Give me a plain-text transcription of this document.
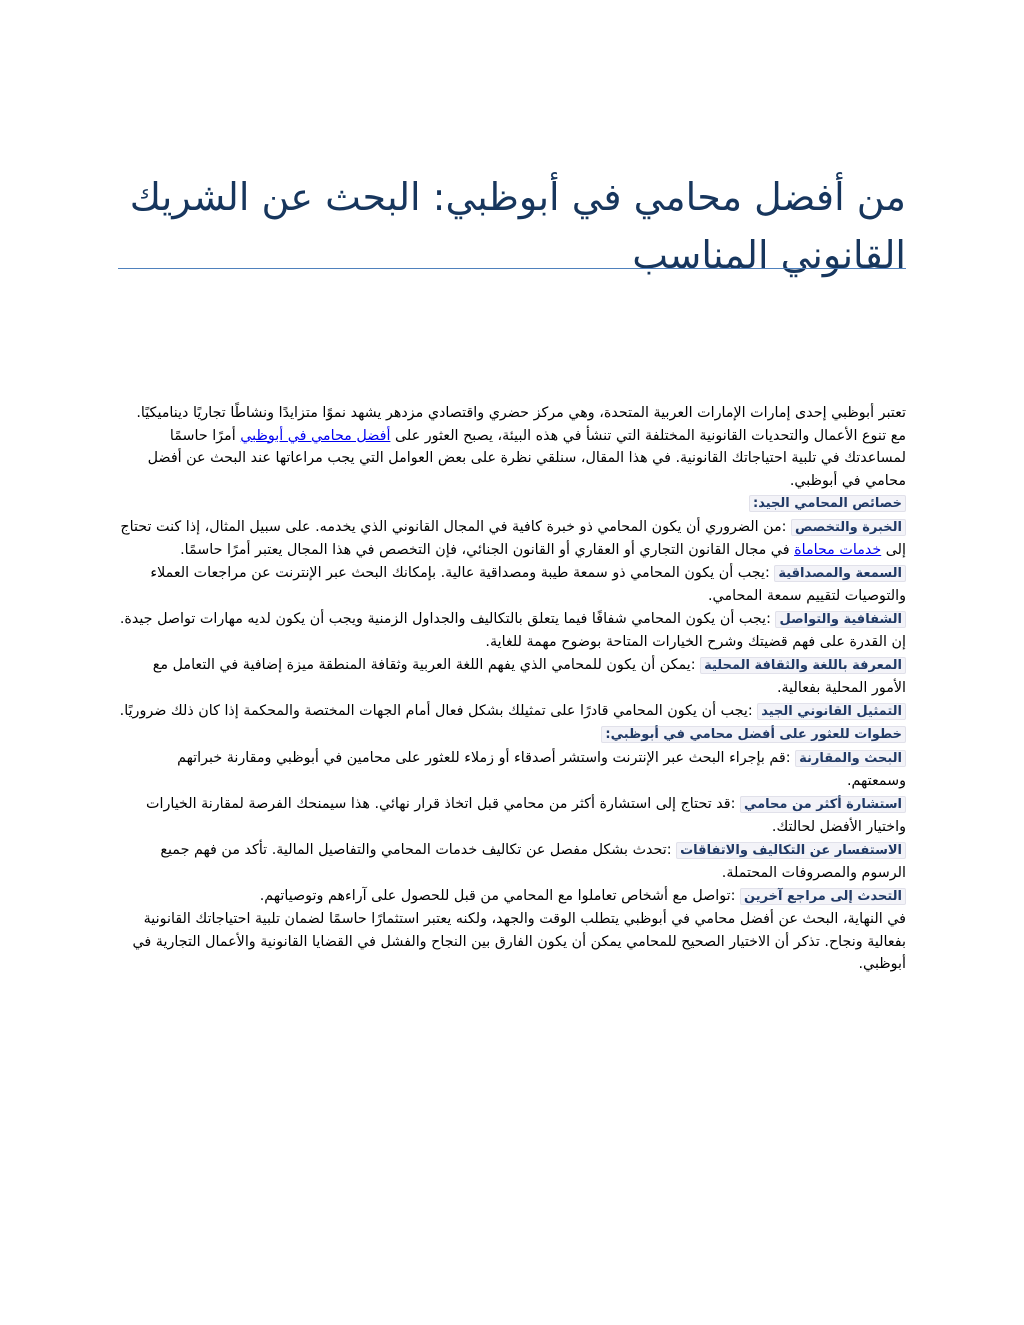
من أفضل محامي في أبوظبي: البحث عن الشريك
القانوني المناسب

تعتبر أبوظبي إحدى إمارات الإمارات العربية المتحدة، وهي مركز حضري واقتصادي مزدهر يشهد نموًا متزايدًا ونشاطًا تجاريًا ديناميكيًا. مع تنوع الأعمال والتحديات القانونية المختلفة التي تنشأ في هذه البيئة، يصبح العثور على أفضل محامي في أبوظبي أمرًا حاسمًا لمساعدتك في تلبية احتياجاتك القانونية. في هذا المقال، سنلقي نظرة على بعض العوامل التي يجب مراعاتها عند البحث عن أفضل محامي في أبوظبي.

خصائص المحامي الجيد:

الخبرة والتخصص :من الضروري أن يكون المحامي ذو خبرة كافية في المجال القانوني الذي يخدمه. على سبيل المثال، إذا كنت تحتاج إلى خدمات محاماة في مجال القانون التجاري أو العقاري أو القانون الجنائي، فإن التخصص في هذا المجال يعتبر أمرًا حاسمًا.

السمعة والمصداقية :يجب أن يكون المحامي ذو سمعة طيبة ومصداقية عالية. بإمكانك البحث عبر الإنترنت عن مراجعات العملاء والتوصيات لتقييم سمعة المحامي.

الشفافية والتواصل :يجب أن يكون المحامي شفافًا فيما يتعلق بالتكاليف والجداول الزمنية ويجب أن يكون لديه مهارات تواصل جيدة. إن القدرة على فهم قضيتك وشرح الخيارات المتاحة بوضوح مهمة للغاية.

المعرفة باللغة والثقافة المحلية :يمكن أن يكون للمحامي الذي يفهم اللغة العربية وثقافة المنطقة ميزة إضافية في التعامل مع الأمور المحلية بفعالية.

التمثيل القانوني الجيد :يجب أن يكون المحامي قادرًا على تمثيلك بشكل فعال أمام الجهات المختصة والمحكمة إذا كان ذلك ضروريًا.

خطوات للعثور على أفضل محامي في أبوظبي:

البحث والمقارنة :قم بإجراء البحث عبر الإنترنت واستشر أصدقاء أو زملاء للعثور على محامين في أبوظبي ومقارنة خبراتهم وسمعتهم.

استشارة أكثر من محامي :قد تحتاج إلى استشارة أكثر من محامي قبل اتخاذ قرار نهائي. هذا سيمنحك الفرصة لمقارنة الخيارات واختيار الأفضل لحالتك.

الاستفسار عن التكاليف والاتفاقات :تحدث بشكل مفصل عن تكاليف خدمات المحامي والتفاصيل المالية. تأكد من فهم جميع الرسوم والمصروفات المحتملة.

التحدث إلى مراجع آخرين :تواصل مع أشخاص تعاملوا مع المحامي من قبل للحصول على آراءهم وتوصياتهم.

في النهاية، البحث عن أفضل محامي في أبوظبي يتطلب الوقت والجهد، ولكنه يعتبر استثمارًا حاسمًا لضمان تلبية احتياجاتك القانونية بفعالية ونجاح. تذكر أن الاختيار الصحيح للمحامي يمكن أن يكون الفارق بين النجاح والفشل في القضايا القانونية والأعمال التجارية في أبوظبي.
